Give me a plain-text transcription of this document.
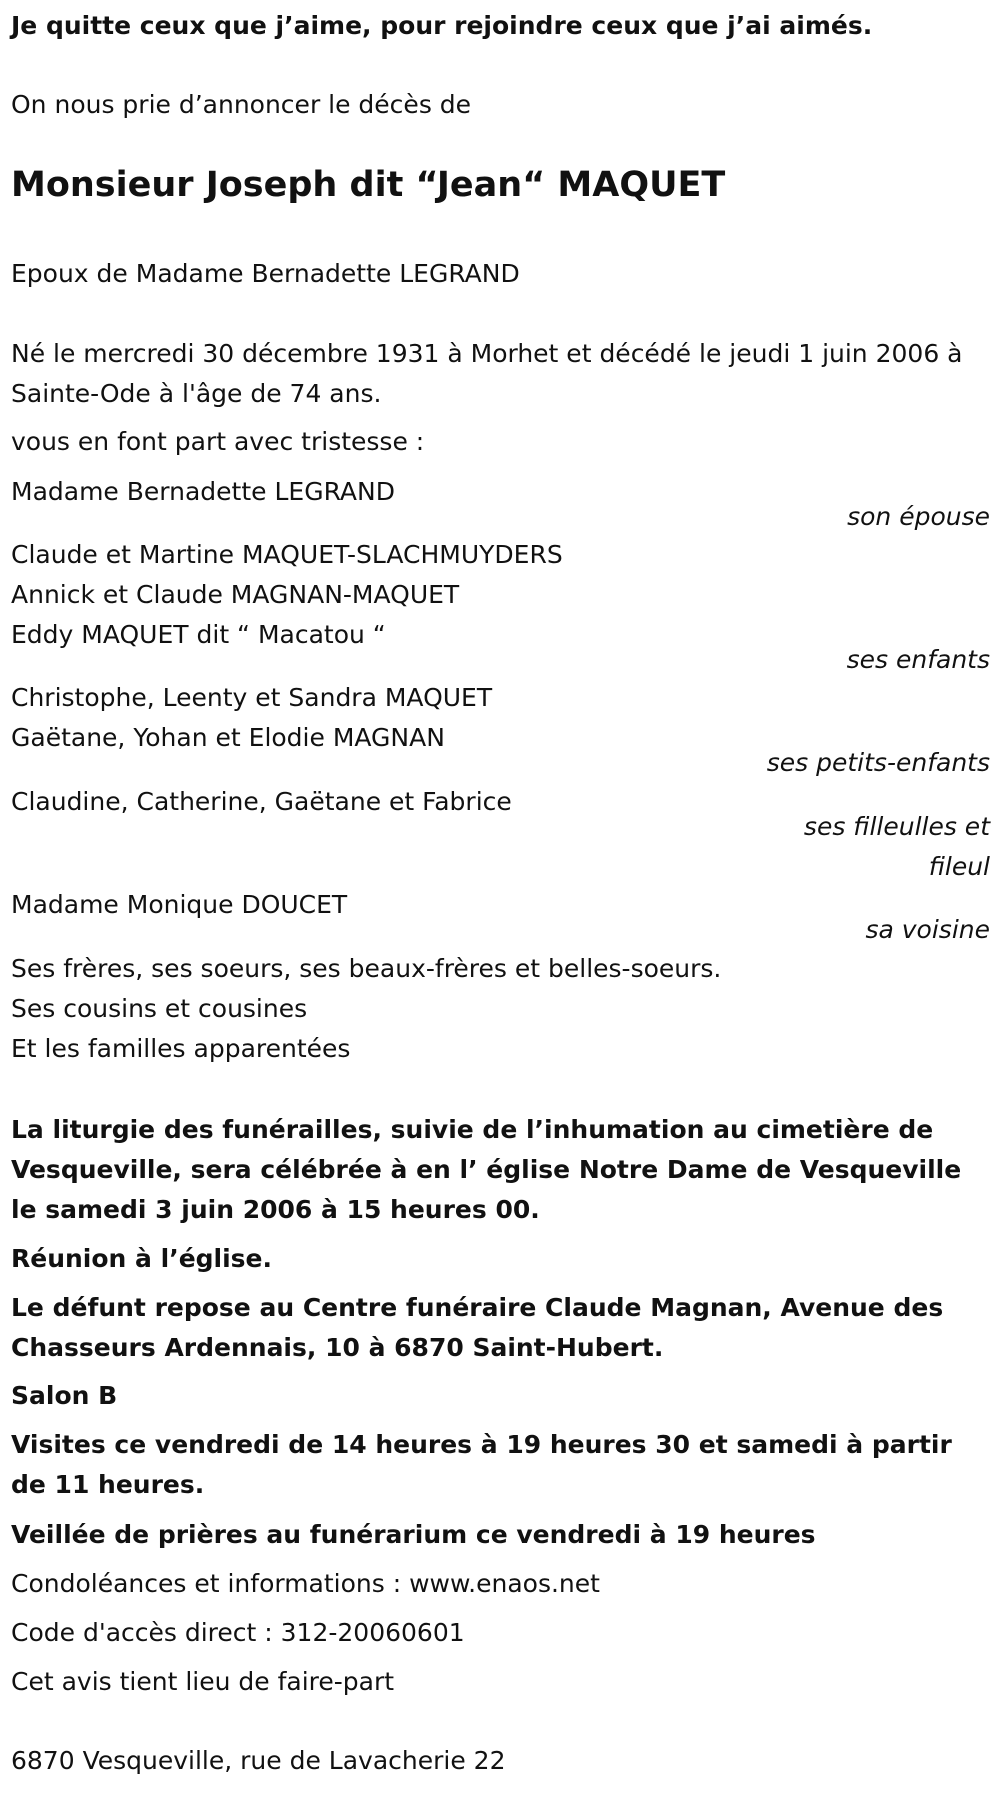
Je quitte ceux que j’aime, pour rejoindre ceux que j’ai aimés.

On nous prie d’annoncer le décès de

Monsieur Joseph dit “Jean“ MAQUET

Epoux de Madame Bernadette LEGRAND

Né le mercredi 30 décembre 1931 à Morhet et décédé le jeudi 1 juin 2006 à Sainte-Ode à l'âge de 74 ans.

vous en font part avec tristesse :

Madame Bernadette LEGRAND

son épouse

Claude et Martine MAQUET-SLACHMUYDERS

Annick et Claude MAGNAN-MAQUET

Eddy MAQUET dit “ Macatou “

ses enfants

Christophe, Leenty et Sandra MAQUET

Gaëtane, Yohan et Elodie MAGNAN

ses petits-enfants

Claudine, Catherine, Gaëtane et Fabrice

ses filleulles et fileul

Madame Monique DOUCET

sa voisine

Ses frères, ses soeurs, ses beaux-frères et belles-soeurs.

Ses cousins et cousines

Et les familles apparentées

La liturgie des funérailles, suivie de l’inhumation au cimetière de Vesqueville, sera célébrée à en l’ église Notre Dame de Vesqueville le samedi 3 juin 2006 à 15 heures 00.

Réunion à l’église.

Le défunt repose au Centre funéraire Claude Magnan, Avenue des Chasseurs Ardennais, 10 à 6870 Saint-Hubert.

Salon B

Visites ce vendredi de 14 heures à 19 heures 30 et samedi à partir de 11 heures.

Veillée de prières au funérarium ce vendredi à 19 heures

Condoléances et informations : www.enaos.net

Code d'accès direct : 312-20060601

Cet avis tient lieu de faire-part

6870 Vesqueville, rue de Lavacherie 22
